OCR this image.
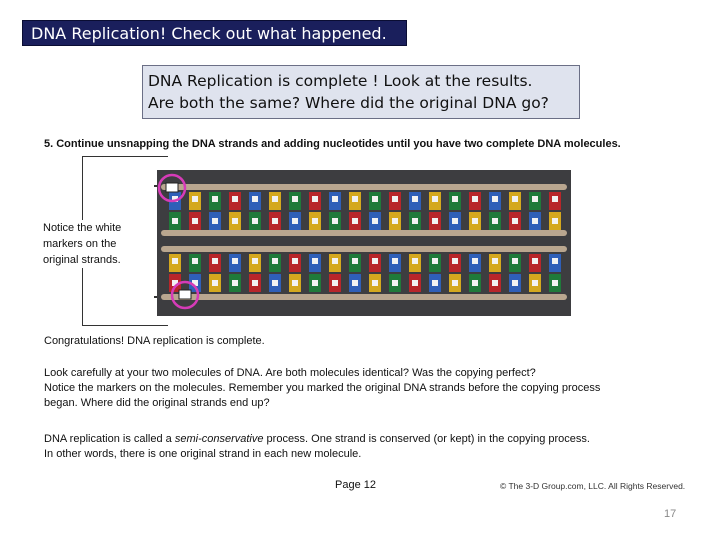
DNA Replication! Check out what happened.
DNA Replication is complete ! Look at the results.
Are both the same? Where did the original DNA go?
5. Continue unsnapping the DNA strands and adding nucleotides until you have two complete DNA molecules.
Notice the white
markers on the
original strands.
Congratulations! DNA replication is complete.
Look carefully at your two molecules of DNA. Are both molecules identical? Was the copying perfect?
Notice the markers on the molecules. Remember you marked the original DNA strands before the copying process
began. Where did the original strands end up?
DNA replication is called a semi-conservative process. One strand is conserved (or kept) in the copying process.
In other words, there is one original strand in each new molecule.
Page 12	© The 3-D Group.com, LLC. All Rights Reserved.
17
